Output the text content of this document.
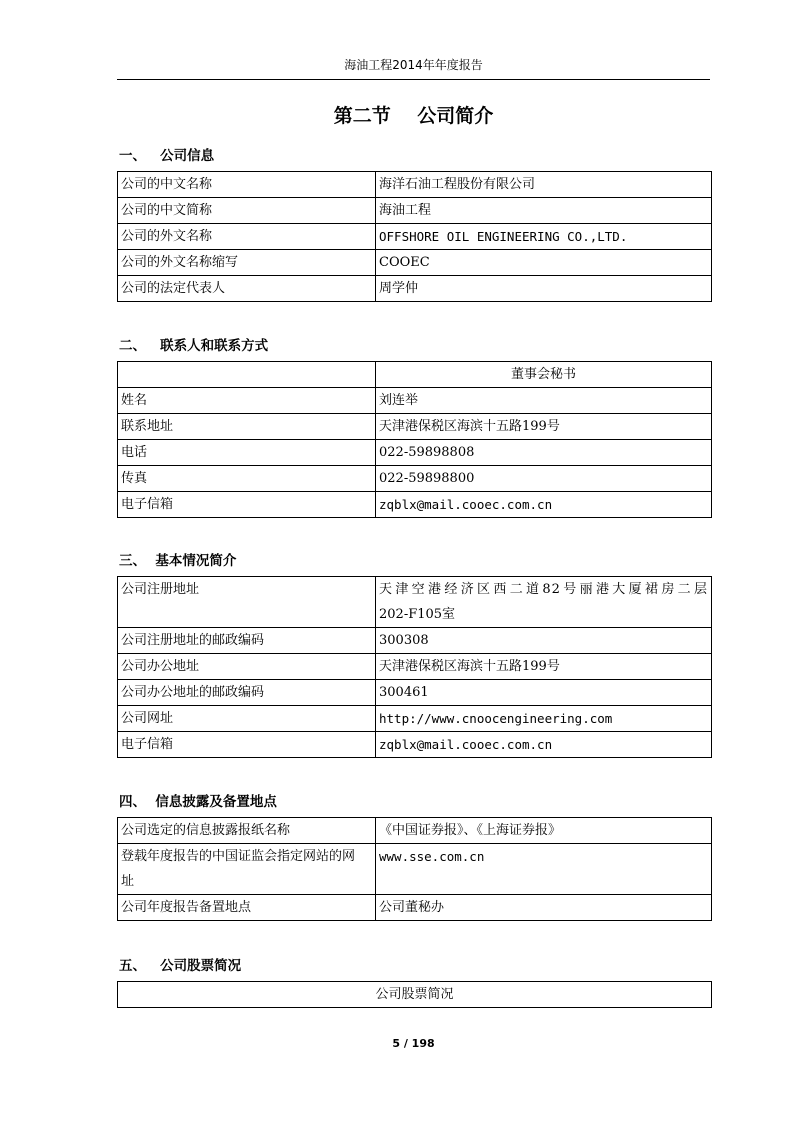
海油工程2014年年度报告
第二节    公司简介
一、   公司信息
公司的中文名称	海洋石油工程股份有限公司
公司的中文简称	海油工程
公司的外文名称	OFFSHORE OIL ENGINEERING CO.,LTD.
公司的外文名称缩写	COOEC
公司的法定代表人	周学仲
二、   联系人和联系方式
	董事会秘书
姓名	刘连举
联系地址	天津港保税区海滨十五路199号
电话	022-59898808
传真	022-59898800
电子信箱	zqblx@mail.cooec.com.cn
三、  基本情况简介
公司注册地址	天津空港经济区西二道82号丽港大厦裙房二层
202-F105室

公司注册地址的邮政编码	300308
公司办公地址	天津港保税区海滨十五路199号
公司办公地址的邮政编码	300461
公司网址	http://www.cnoocengineering.com
电子信箱	zqblx@mail.cooec.com.cn
四、  信息披露及备置地点
公司选定的信息披露报纸名称	《中国证券报》、《上海证券报》

登载年度报告的中国证监会指定网站的网
址	www.sse.com.cn
公司年度报告备置地点	公司董秘办
五、   公司股票简况
公司股票简况
5 / 198
